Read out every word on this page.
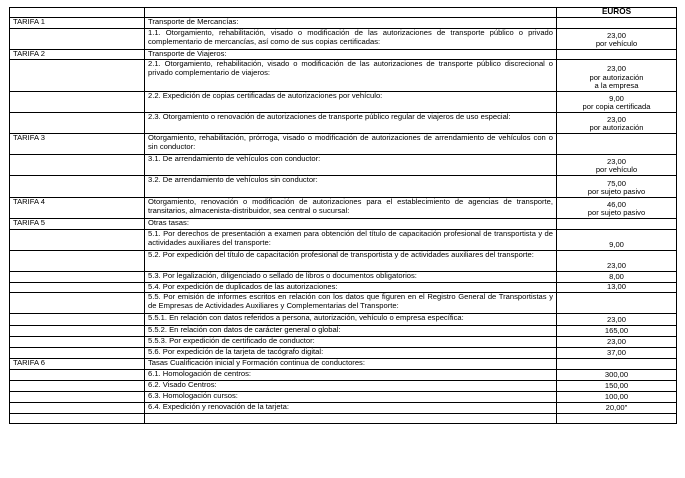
		EUROS
TARIFA 1	Transporte de Mercancías:	
	1.1. Otorgamiento, rehabilitación, visado o modificación de las autorizaciones de transporte público o privado complementario de mercancías, así como de sus copias certificadas:	23,00
por vehículo
TARIFA 2	Transporte de Viajeros:	
	2.1. Otorgamiento, rehabilitación, visado o modificación de las autorizaciones de transporte público discrecional o privado complementario de viajeros:	23,00
por autorización
a la empresa
	2.2. Expedición de copias certificadas de autorizaciones por vehículo:	9,00
por copia certificada
	2.3. Otorgamiento o renovación de autorizaciones de transporte público regular de viajeros de uso especial:	23,00
por autorización
TARIFA 3	Otorgamiento, rehabilitación, prórroga, visado o modificación de autorizaciones de arrendamiento de vehículos con o sin conductor:	
	3.1. De arrendamiento de vehículos con conductor:	23,00
por vehículo
	3.2. De arrendamiento de vehículos sin conductor:	75,00
por sujeto pasivo
TARIFA 4	Otorgamiento, renovación o modificación de autorizaciones para el establecimiento de agencias de transporte, transitarios, almacenista-distribuidor, sea central o sucursal:	46,00
por sujeto pasivo
TARIFA 5	Otras tasas:	
	5.1. Por derechos de presentación a examen para obtención del título de capacitación profesional de transportista y de actividades auxiliares del transporte:	9,00
	5.2. Por expedición del título de capacitación profesional de transportista y de actividades auxiliares del transporte:	23,00
	5.3. Por legalización, diligenciado o sellado de libros o documentos obligatorios:	8,00
	5.4. Por expedición de duplicados de las autorizaciones:	13,00
	5.5. Por emisión de informes escritos en relación con los datos que figuren en el Registro General de Transportistas y de Empresas de Actividades Auxiliares y Complementarias del Transporte:	
	5.5.1. En relación con datos referidos a persona, autorización, vehículo o empresa específica:	23,00
	5.5.2. En relación con datos de carácter general o global:	165,00
	5.5.3. Por expedición de certificado de conductor:	23,00
	5.6. Por expedición de la tarjeta de tacógrafo digital:	37,00
TARIFA 6	Tasas Cualificación inicial y Formación continua de conductores:	
	6.1. Homologación de centros:	300,00
	6.2. Visado Centros:	150,00
	6.3. Homologación cursos:	100,00
	6.4. Expedición y renovación de la tarjeta:	20,00"
